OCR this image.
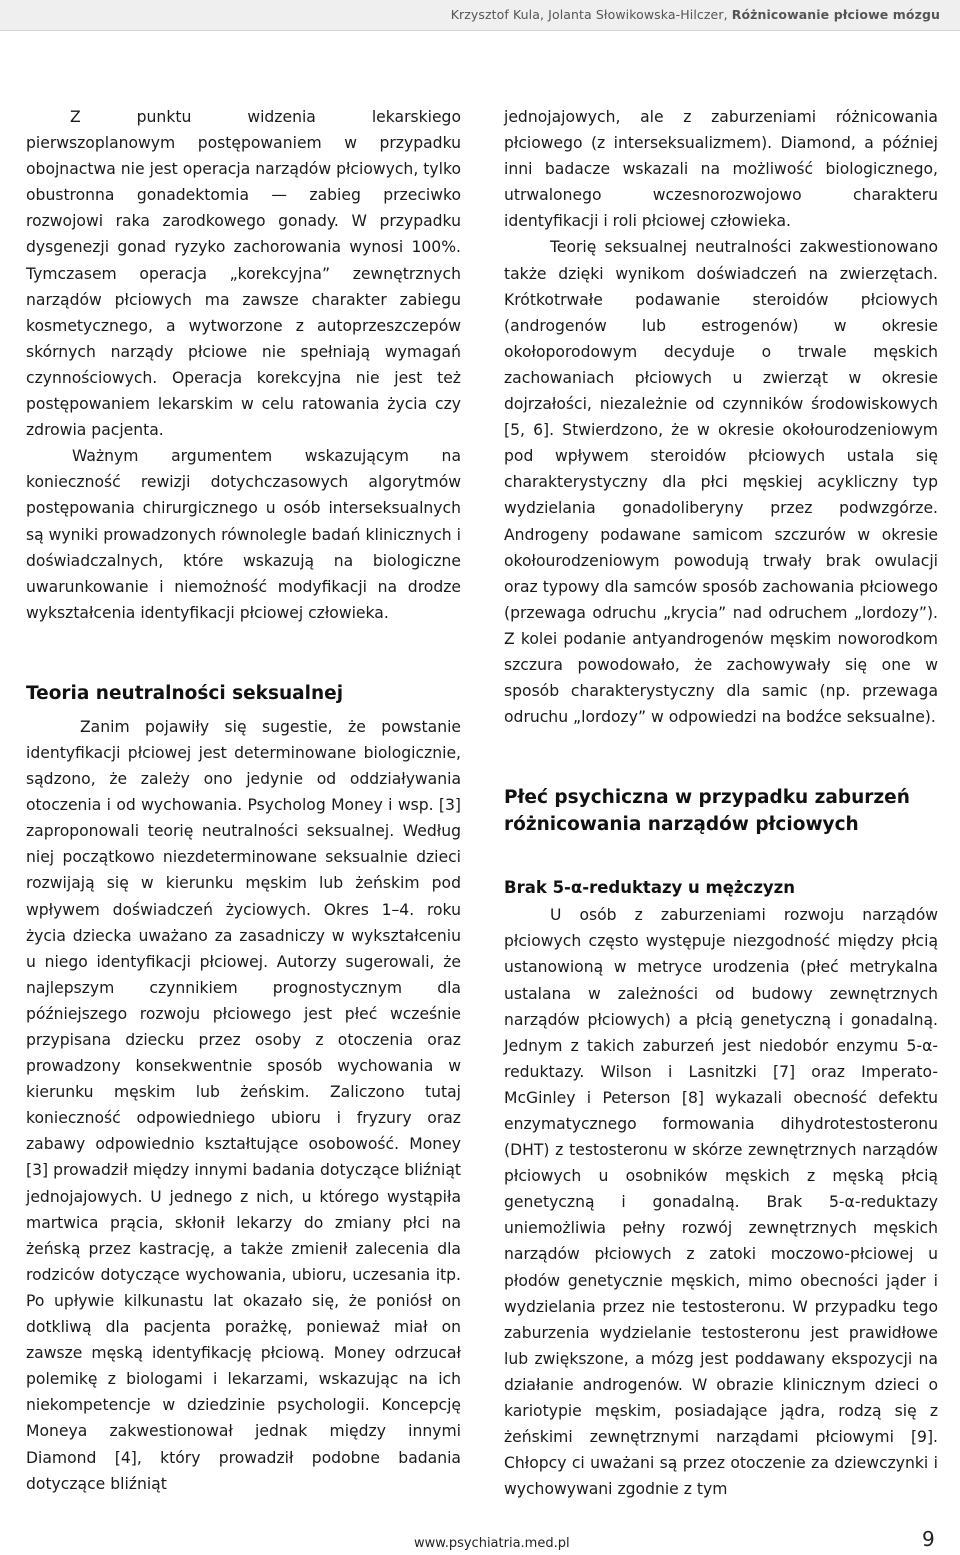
Krzysztof Kula, Jolanta Słowikowska-Hilczer, Różnicowanie płciowe mózgu

Z punktu widzenia lekarskiego pierwszoplanowym postępowaniem w przypadku obojnactwa nie jest operacja narządów płciowych, tylko obustronna gonadektomia — zabieg przeciwko rozwojowi raka zarodkowego gonady. W przypadku dysgenezji gonad ryzyko zachorowania wynosi 100%. Tymczasem operacja „korekcyjna” zewnętrznych narządów płciowych ma zawsze charakter zabiegu kosmetycznego, a wytworzone z autoprzeszczepów skórnych narządy płciowe nie spełniają wymagań czynnościowych. Operacja korekcyjna nie jest też postępowaniem lekarskim w celu ratowania życia czy zdrowia pacjenta.

Ważnym argumentem wskazującym na konieczność rewizji dotychczasowych algorytmów postępowania chirurgicznego u osób interseksualnych są wyniki prowadzonych równolegle badań klinicznych i doświadczalnych, które wskazują na biologiczne uwarunkowanie i niemożność modyfikacji na drodze wykształcenia identyfikacji płciowej człowieka.

Teoria neutralności seksualnej

Zanim pojawiły się sugestie, że powstanie identyfikacji płciowej jest determinowane biologicznie, sądzono, że zależy ono jedynie od oddziaływania otoczenia i od wychowania. Psycholog Money i wsp. [3] zaproponowali teorię neutralności seksualnej. Według niej początkowo niezdeterminowane seksualnie dzieci rozwijają się w kierunku męskim lub żeńskim pod wpływem doświadczeń życiowych. Okres 1–4. roku życia dziecka uważano za zasadniczy w wykształceniu u niego identyfikacji płciowej. Autorzy sugerowali, że najlepszym czynnikiem prognostycznym dla późniejszego rozwoju płciowego jest płeć wcześnie przypisana dziecku przez osoby z otoczenia oraz prowadzony konsekwentnie sposób wychowania w kierunku męskim lub żeńskim. Zaliczono tutaj konieczność odpowiedniego ubioru i fryzury oraz zabawy odpowiednio kształtujące osobowość. Money [3] prowadził między innymi badania dotyczące bliźniąt jednojajowych. U jednego z nich, u którego wystąpiła martwica prącia, skłonił lekarzy do zmiany płci na żeńską przez kastrację, a także zmienił zalecenia dla rodziców dotyczące wychowania, ubioru, uczesania itp. Po upływie kilkunastu lat okazało się, że poniósł on dotkliwą dla pacjenta porażkę, ponieważ miał on zawsze męską identyfikację płciową. Money odrzucał polemikę z biologami i lekarzami, wskazując na ich niekompetencje w dziedzinie psychologii. Koncepcję Moneya zakwestionował jednak między innymi Diamond [4], który prowadził podobne badania dotyczące bliźniąt

jednojajowych, ale z zaburzeniami różnicowania płciowego (z interseksualizmem). Diamond, a później inni badacze wskazali na możliwość biologicznego, utrwalonego wczesnorozwojowo charakteru identyfikacji i roli płciowej człowieka.

Teorię seksualnej neutralności zakwestionowano także dzięki wynikom doświadczeń na zwierzętach. Krótkotrwałe podawanie steroidów płciowych (androgenów lub estrogenów) w okresie okołoporodowym decyduje o trwale męskich zachowaniach płciowych u zwierząt w okresie dojrzałości, niezależnie od czynników środowiskowych [5, 6]. Stwierdzono, że w okresie okołourodzeniowym pod wpływem steroidów płciowych ustala się charakterystyczny dla płci męskiej acykliczny typ wydzielania gonadoliberyny przez podwzgórze. Androgeny podawane samicom szczurów w okresie okołourodzeniowym powodują trwały brak owulacji oraz typowy dla samców sposób zachowania płciowego (przewaga odruchu „krycia” nad odruchem „lordozy”). Z kolei podanie antyandrogenów męskim noworodkom szczura powodowało, że zachowywały się one w sposób charakterystyczny dla samic (np. przewaga odruchu „lordozy” w odpowiedzi na bodźce seksualne).

Płeć psychiczna w przypadku zaburzeń różnicowania narządów płciowych
Brak 5-α-reduktazy u mężczyzn

U osób z zaburzeniami rozwoju narządów płciowych często występuje niezgodność między płcią ustanowioną w metryce urodzenia (płeć metrykalna ustalana w zależności od budowy zewnętrznych narządów płciowych) a płcią genetyczną i gonadalną. Jednym z takich zaburzeń jest niedobór enzymu 5-α-reduktazy. Wilson i Lasnitzki [7] oraz Imperato-McGinley i Peterson [8] wykazali obecność defektu enzymatycznego formowania dihydrotestosteronu (DHT) z testosteronu w skórze zewnętrznych narządów płciowych u osobników męskich z męską płcią genetyczną i gonadalną. Brak 5-α-reduktazy uniemożliwia pełny rozwój zewnętrznych męskich narządów płciowych z zatoki moczowo-płciowej u płodów genetycznie męskich, mimo obecności jąder i wydzielania przez nie testosteronu. W przypadku tego zaburzenia wydzielanie testosteronu jest prawidłowe lub zwiększone, a mózg jest poddawany ekspozycji na działanie androgenów. W obrazie klinicznym dzieci o kariotypie męskim, posiadające jądra, rodzą się z żeńskimi zewnętrznymi narządami płciowymi [9]. Chłopcy ci uważani są przez otoczenie za dziewczynki i wychowywani zgodnie z tym

www.psychiatria.med.pl	9
